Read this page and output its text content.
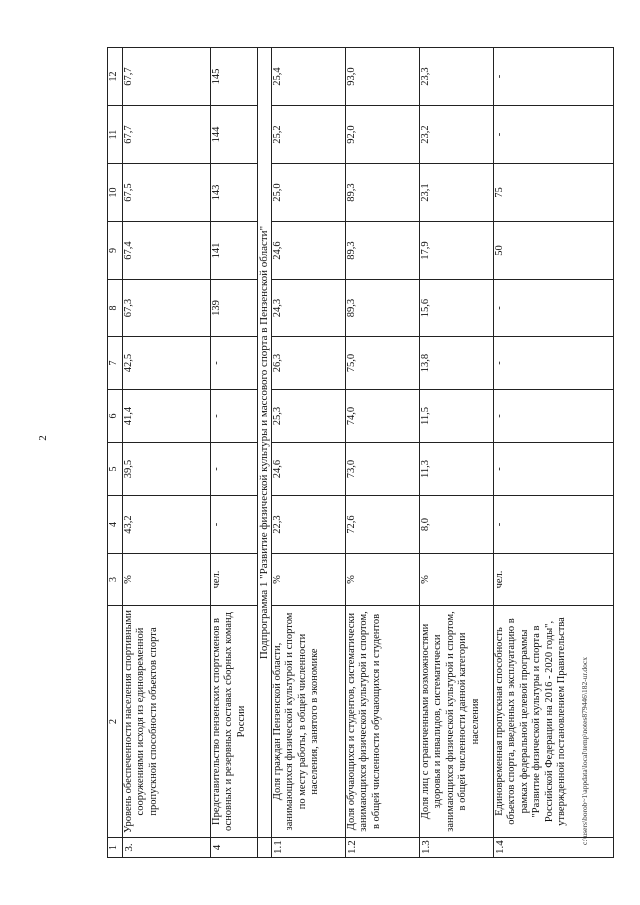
2
c:\users\borob~1\appdata\local\temp\notes879446\182-ur.docx
1	2	3	4	5	6	7	8	9	10	11	12
3.	Уровень обеспеченности населения спортивными сооружениями исходя из единовременной пропускной способности объектов спорта	%	43,2	39,5	41,4	42,5	67,3	67,4	67,5	67,7	67,7
4	Представительство пензенских спортсменов в основных и резервных составах сборных команд России	чел.	-	-	-	-	139	141	143	144	145
	Подпрограмма 1 "Развитие физической культуры и массового спорта в Пензенской области"										
1.1	Доля граждан Пензенской области, занимающихся физической культурой и спортом по месту работы, в общей численности населения, занятого в экономике	%	22,3	24,6	25,3	26,3	24,3	24,6	25,0	25,2	25,4
1.2	Доля обучающихся и студентов, систематически занимающихся физической культурой и спортом, в общей численности обучающихся и студентов	%	72,6	73,0	74,0	75,0	89,3	89,3	89,3	92,0	93,0
1.3	Доля лиц с ограниченными возможностями здоровья и инвалидов, систематически занимающихся физической культурой и спортом, в общей численности данной категории населения	%	8,0	11,3	11,5	13,8	15,6	17,9	23,1	23,2	23,3
1.4	Единовременная пропускная способность объектов спорта, введенных в эксплуатацию в рамках федеральной целевой программы "Развитие физической культуры и спорта в Российской Федерации на 2016 - 2020 годы", утвержденной постановлением Правительства	чел.	-	-	-	-	-	50	75	-	-
